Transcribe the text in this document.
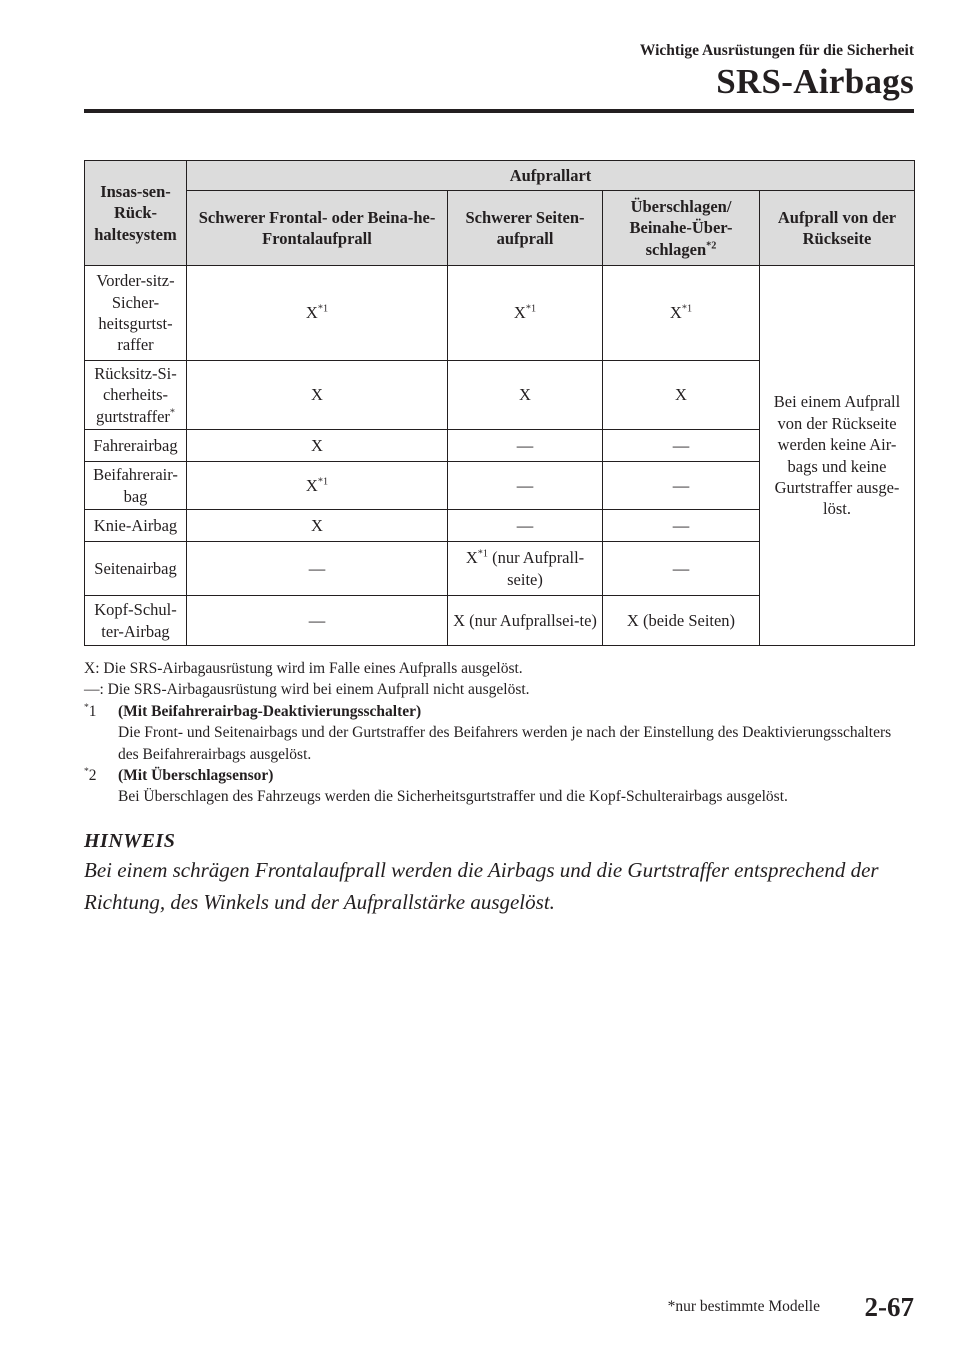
Wichtige Ausrüstungen für die Sicherheit
SRS-Airbags
Insas-sen-Rück-haltesystem	Aufprallart			
	Schwerer Frontal- oder Beina-he-Frontalaufprall	Schwerer Seiten-aufprall	Überschlagen/ Beinahe-Über-schlagen$^{*2}$	Aufprall von der Rückseite
Vorder-sitz-Sicher-heitsgurtst-raffer	$X^{*1}$	$X^{*1}$	$X^{*1}$	Bei einem Aufprall von der Rückseite werden keine Air-bags und keine Gurtstraffer ausge-löst.
Rücksitz-Si-cherheits-gurtstraffer*	X	X	X	
Fahrerairbag	X	―	―	
Beifahrerair-bag	$X^{*1}$	―	―	
Knie-Airbag	X	―	―	
Seitenairbag	―	$X^{*1}$ (nur Aufprall-seite)	―	
Kopf-Schul-ter-Airbag	―	X (nur Aufprallsei-te)	X (beide Seiten)	

X: Die SRS-Airbagausrüstung wird im Falle eines Aufpralls ausgelöst.

―: Die SRS-Airbagausrüstung wird bei einem Aufprall nicht ausgelöst.

*1	(Mit Beifahrerairbag-Deaktivierungsschalter)
Die Front- und Seitenairbags und der Gurtstraffer des Beifahrers werden je nach der Einstellung des Deaktivierungsschalters des Beifahrerairbags ausgelöst.
*2	(Mit Überschlagsensor)
Bei Überschlagen des Fahrzeugs werden die Sicherheitsgurtstraffer und die Kopf-Schulterairbags ausgelöst.
HINWEIS
Bei einem schrägen Frontalaufprall werden die Airbags und die Gurtstraffer entsprechend der Richtung, des Winkels und der Aufprallstärke ausgelöst.
*nur bestimmte Modelle 2-67
